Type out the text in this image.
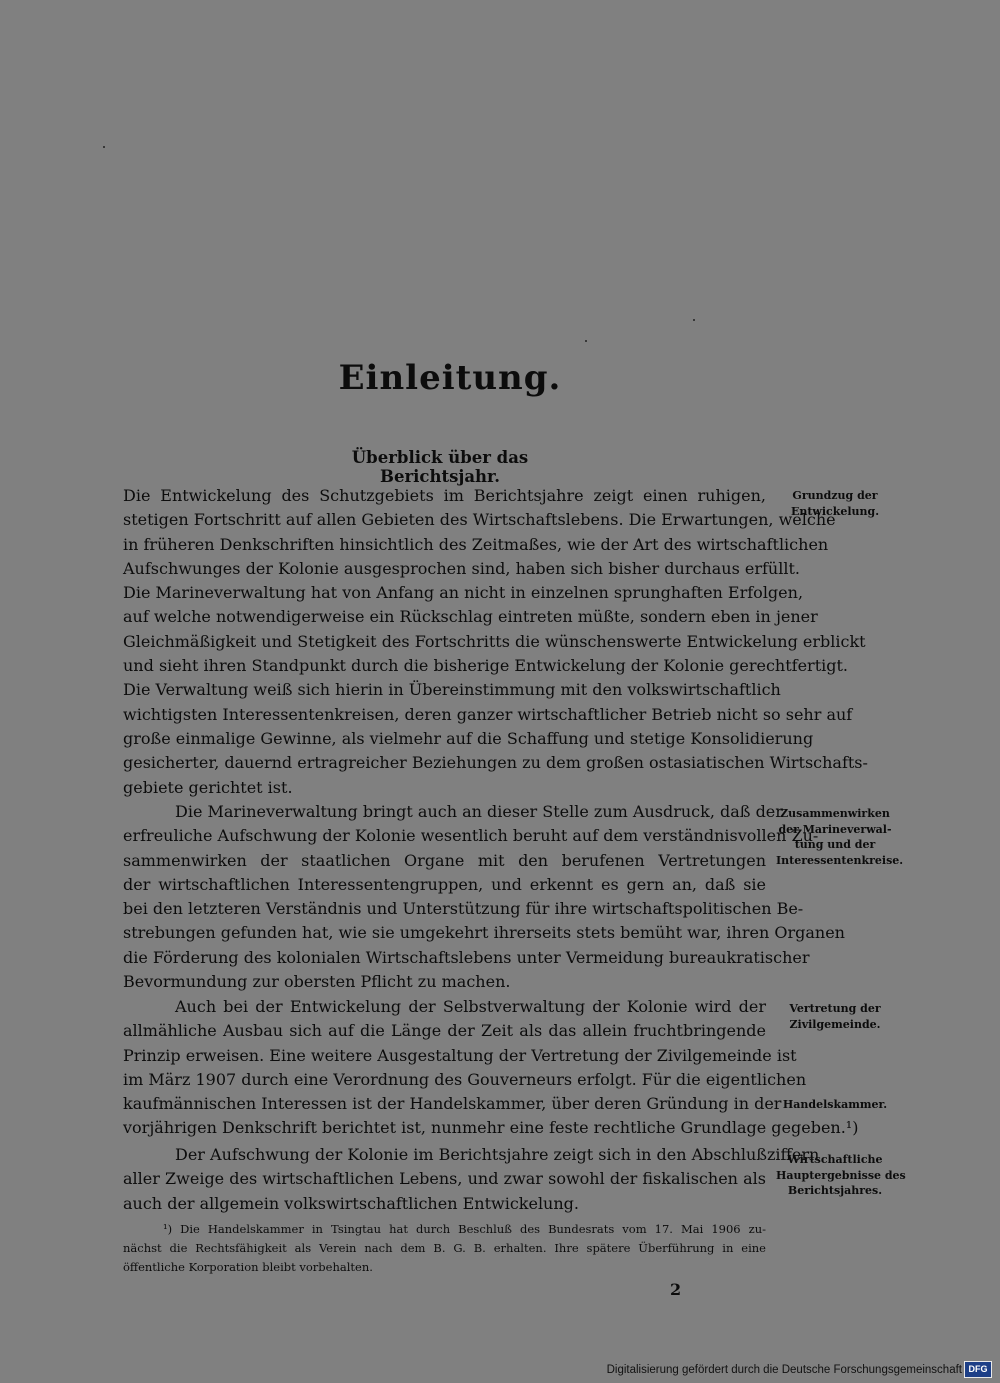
Einleitung.
Überblick über das Berichtsjahr.
Die Entwickelung des Schutzgebiets im Berichtsjahre zeigt einen ruhigen,
stetigen Fortschritt auf allen Gebieten des Wirtschaftslebens. Die Erwartungen, welche
in früheren Denkschriften hinsichtlich des Zeitmaßes, wie der Art des wirtschaftlichen
Aufschwunges der Kolonie ausgesprochen sind, haben sich bisher durchaus erfüllt.
Die Marineverwaltung hat von Anfang an nicht in einzelnen sprunghaften Erfolgen,
auf welche notwendigerweise ein Rückschlag eintreten müßte, sondern eben in jener
Gleichmäßigkeit und Stetigkeit des Fortschritts die wünschenswerte Entwickelung erblickt
und sieht ihren Standpunkt durch die bisherige Entwickelung der Kolonie gerechtfertigt.
Die Verwaltung weiß sich hierin in Übereinstimmung mit den volkswirtschaftlich
wichtigsten Interessentenkreisen, deren ganzer wirtschaftlicher Betrieb nicht so sehr auf
große einmalige Gewinne, als vielmehr auf die Schaffung und stetige Konsolidierung
gesicherter, dauernd ertragreicher Beziehungen zu dem großen ostasiatischen Wirtschafts-
gebiete gerichtet ist.
Die Marineverwaltung bringt auch an dieser Stelle zum Ausdruck, daß der
erfreuliche Aufschwung der Kolonie wesentlich beruht auf dem verständnisvollen Zu-
sammenwirken der staatlichen Organe mit den berufenen Vertretungen
der wirtschaftlichen Interessentengruppen, und erkennt es gern an, daß sie
bei den letzteren Verständnis und Unterstützung für ihre wirtschaftspolitischen Be-
strebungen gefunden hat, wie sie umgekehrt ihrerseits stets bemüht war, ihren Organen
die Förderung des kolonialen Wirtschaftslebens unter Vermeidung bureaukratischer
Bevormundung zur obersten Pflicht zu machen.
Auch bei der Entwickelung der Selbstverwaltung der Kolonie wird der
allmähliche Ausbau sich auf die Länge der Zeit als das allein fruchtbringende
Prinzip erweisen. Eine weitere Ausgestaltung der Vertretung der Zivilgemeinde ist
im März 1907 durch eine Verordnung des Gouverneurs erfolgt. Für die eigentlichen
kaufmännischen Interessen ist der Handelskammer, über deren Gründung in der
vorjährigen Denkschrift berichtet ist, nunmehr eine feste rechtliche Grundlage gegeben.¹)
Der Aufschwung der Kolonie im Berichtsjahre zeigt sich in den Abschlußziffern
aller Zweige des wirtschaftlichen Lebens, und zwar sowohl der fiskalischen als
auch der allgemein volkswirtschaftlichen Entwickelung.
Grundzug der
Entwickelung.
Zusammenwirken
der Marineverwal-
tung und der
Interessentenkreise.
Vertretung der
Zivilgemeinde.
Handelskammer.
Wirtschaftliche
Hauptergebnisse des
Berichtsjahres.
¹) Die Handelskammer in Tsingtau hat durch Beschluß des Bundesrats vom 17. Mai 1906 zu-
nächst die Rechtsfähigkeit als Verein nach dem B. G. B. erhalten. Ihre spätere Überführung in eine
öffentliche Korporation bleibt vorbehalten.
2
Digitalisierung gefördert durch die Deutsche Forschungsgemeinschaft DFG
